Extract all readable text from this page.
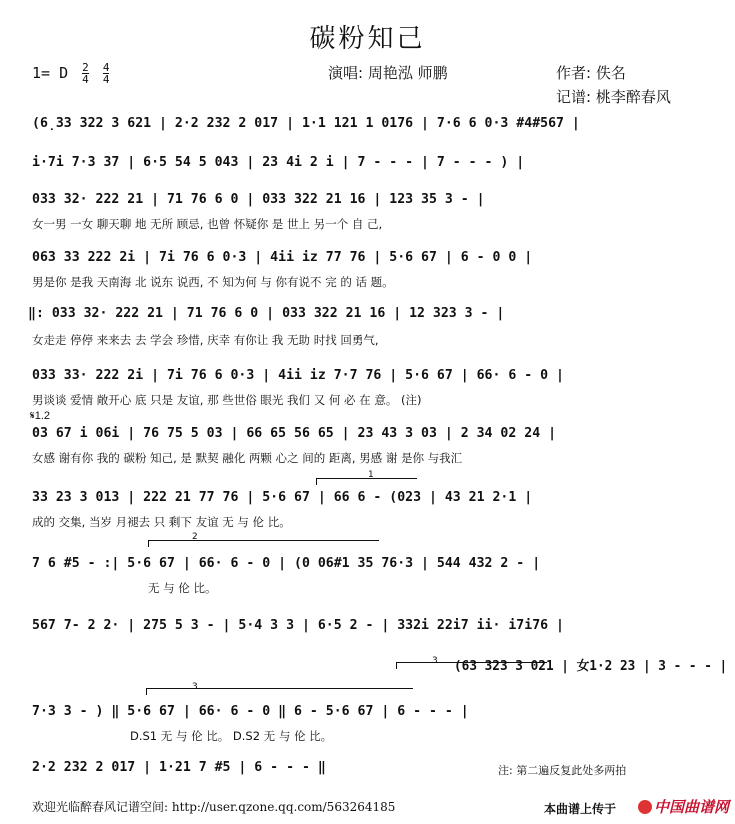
碳粉知己
1= D $\frac{2}{4}$
$\frac{4}{4}$	演唱: 周艳泓 师鹏	作者: 佚名
记谱: 桃李醉春风
(6̣33 322 3 621 | 2·2 232 2 017 | 1·1 121 1 0176 | 7·6 6 0·3 #4#567 |
i·7i 7·3 37 | 6·5 54 5 043 | 23 4i 2 i | 7 - - - | 7 - - - ) |
033 32· 222 21 | 71 76 6 0 | 033 322 21 16 | 123 35 3 - |
女一男 一女 聊天聊 地 无所 顾忌, 也曾 怀疑你 是 世上 另一个 自 己,
063 33 222 2i | 7i 76 6 0·3 | 4ii iz 77 76 | 5·6 67 | 6 - 0 0 |
男是你 是我 天南海 北 说东 说西, 不 知为何 与 你有说不 完 的 话 题。
‖: 033 32· 222 21 | 71 76 6 0 | 033 322 21 16 | 12 323 3 - |
女走走 停停 来来去 去 学会 珍惜, 庆幸 有你让 我 无助 时找 回勇气,
033 33· 222 2i | 7i 76 6 0·3 | 4ii iz 7·7 76 | 5·6 67 | 66· 6 - 0 |
男谈谈 爱情 敞开心 底 只是 友谊, 那 些世俗 眼光 我们 又 何 必 在 意。 (注)
𝄋1.2
03 67 i 06i | 76 75 5 03 | 66 65 56 65 | 23 43 3 03 | 2 34 02 24 |
女感 谢有你 我的 碳粉 知己, 是 默契 融化 两颗 心之 间的 距离, 男感 谢 是你 与我汇
1
33 23 3 013 | 222 21 77 76 | 5·6 67 | 66 6 - (023 | 43 21 2·1 |
成的 交集, 当岁 月褪去 只 剩下 友谊 无 与 伦 比。
2
7 6 #5 - :| 5·6 67 | 66· 6 - 0 | (0 06#1 35 76·3 | 544 432 2 - |
无 与 伦 比。
567 7- 2 2· | 275 5 3 - | 5·4 3 3 | 6·5 2 - | 332i 22i7 ii· i7i76 |
3 (63 323 3 021 | 女1·2 23 | 3 - - - |
3
7·3 3 - ) ‖ 5·6 67 | 66· 6 - 0 ‖ 6 - 5·6 67 | 6 - - - |
D.S1 无 与 伦 比。 D.S2 无 与 伦 比。
2·2 232 2 017 | 1·21 7 #5 | 6 - - - ‖	注: 第二遍反复此处多两拍
欢迎光临醉春风记谱空间: http://user.qzone.qq.com/563264185	本曲谱上传于	中国曲谱网
